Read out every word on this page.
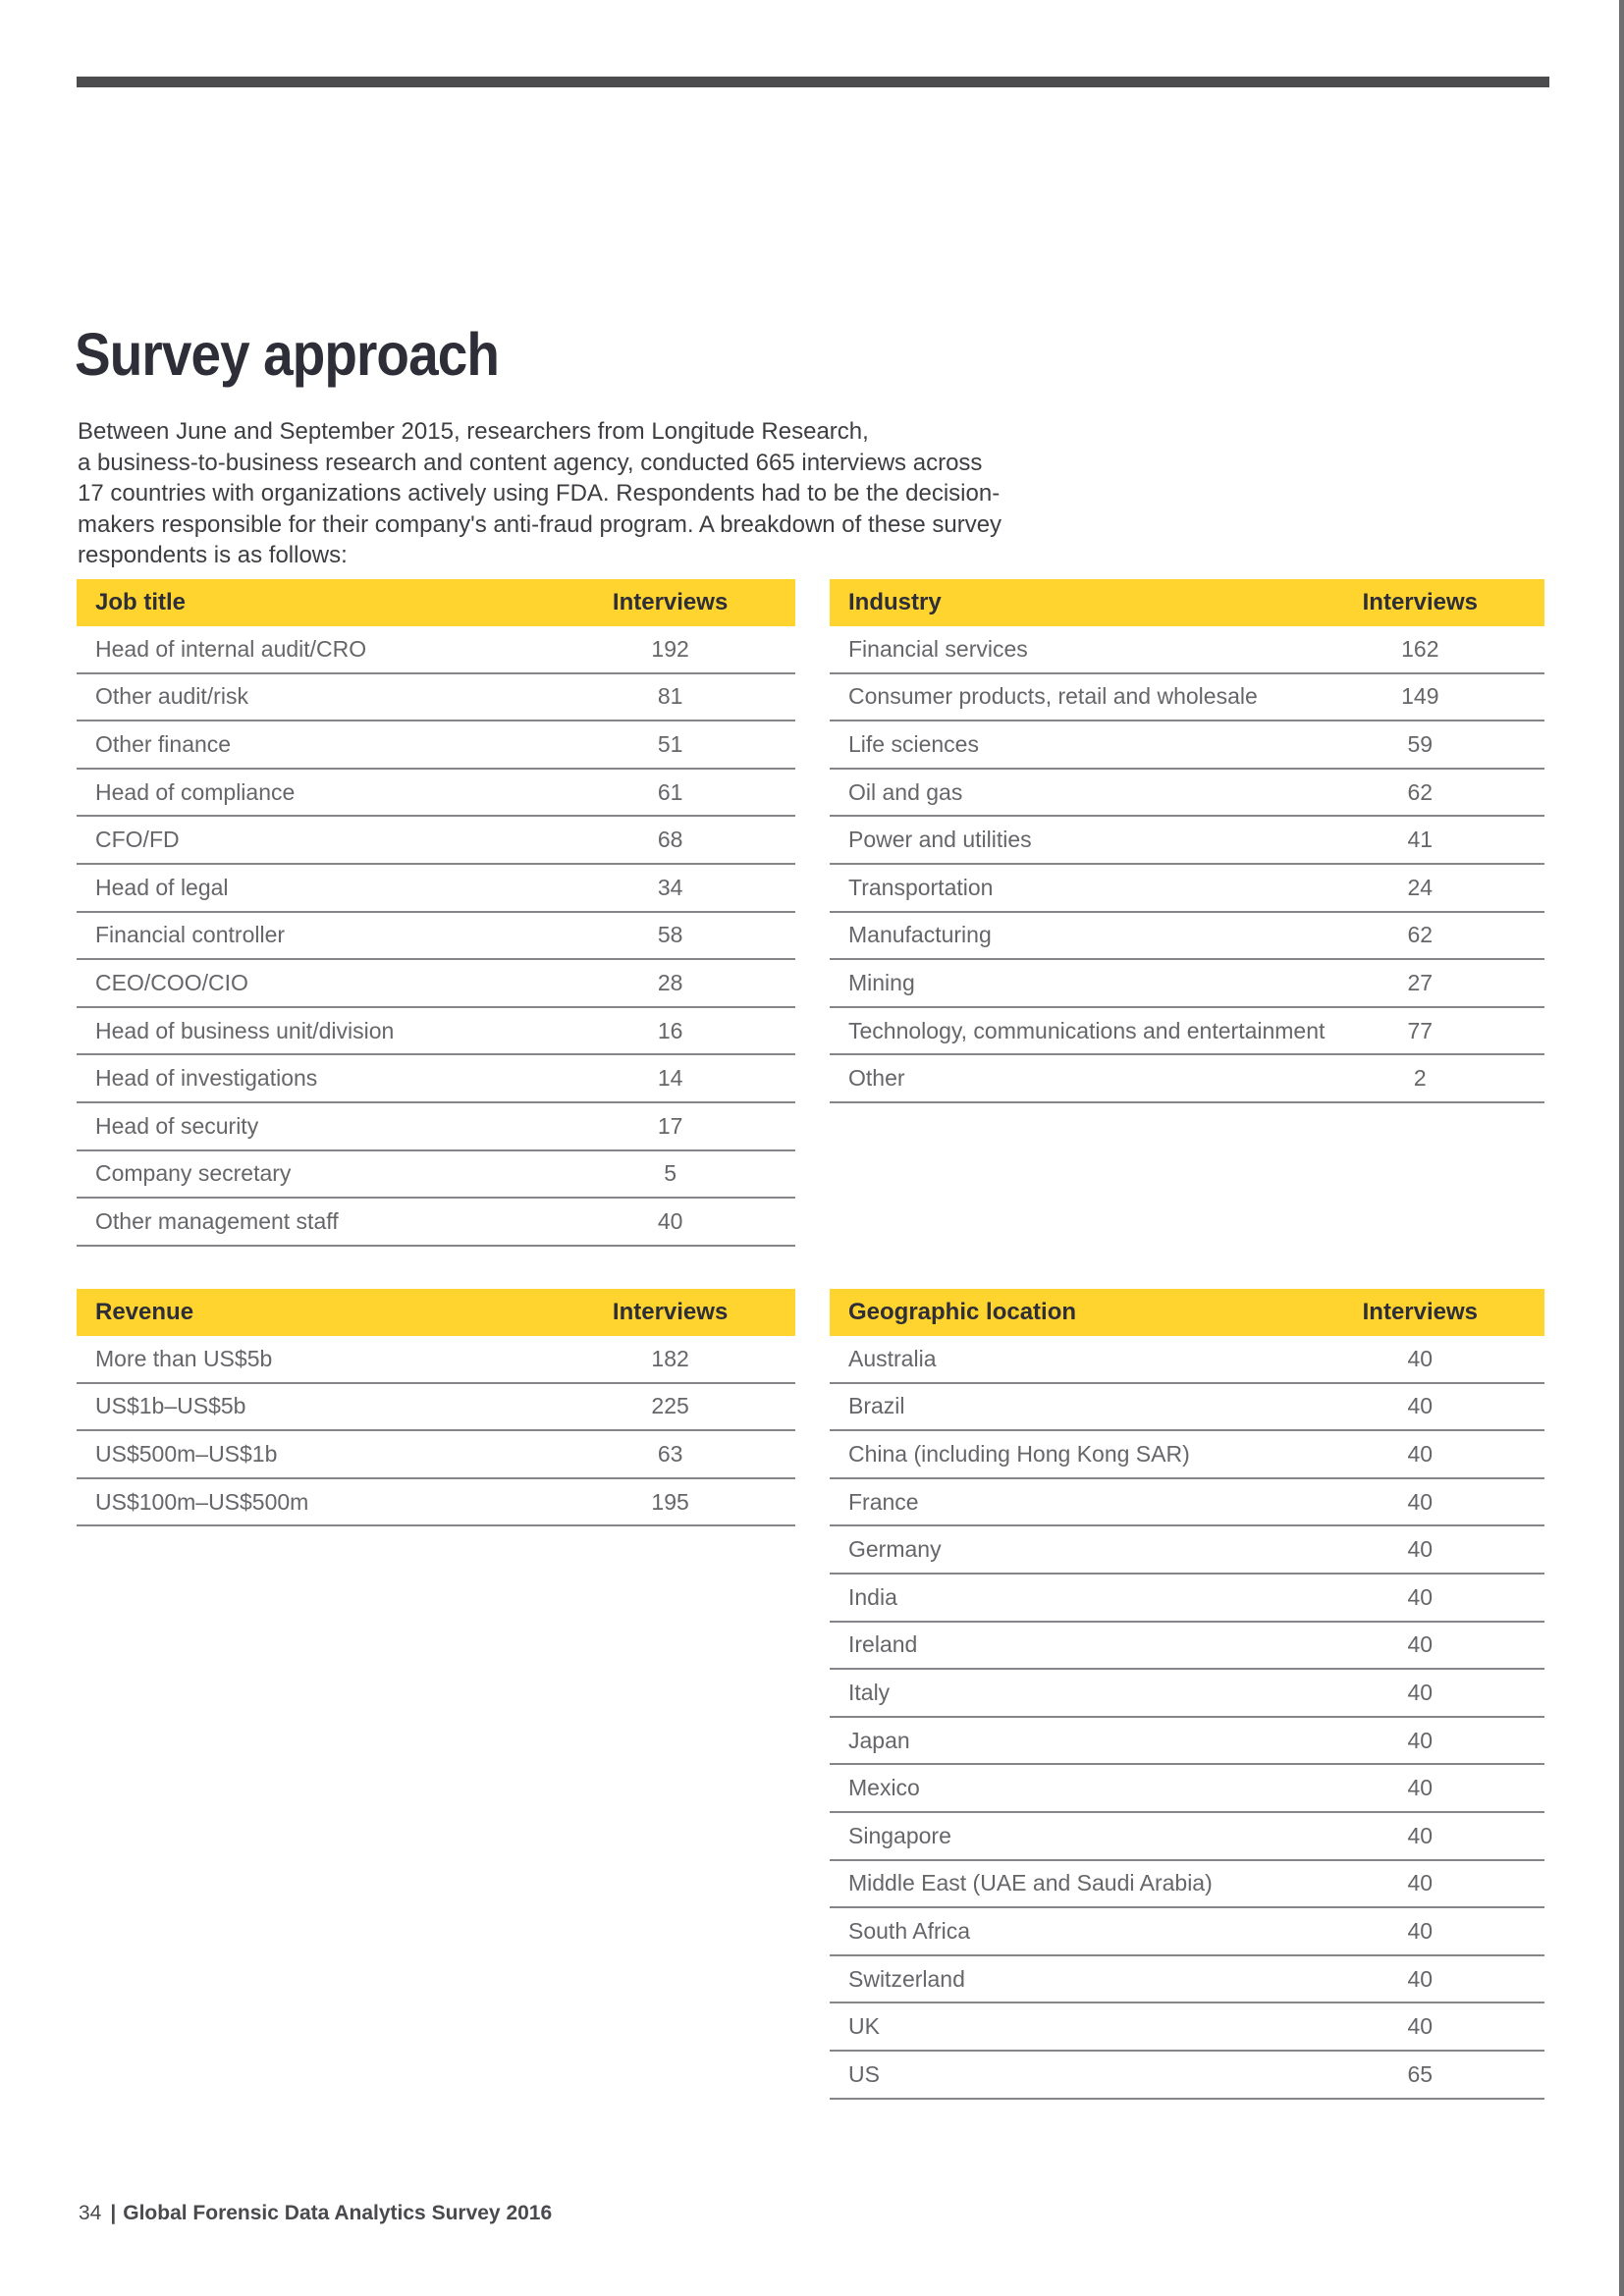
Survey approach
Between June and September 2015, researchers from Longitude Research,
a business-to-business research and content agency, conducted 665 interviews across
17 countries with organizations actively using FDA. Respondents had to be the decision-
makers responsible for their company's anti-fraud program. A breakdown of these survey
respondents is as follows:
Job title	Interviews
Head of internal audit/CRO	192
Other audit/risk	81
Other finance	51
Head of compliance	61
CFO/FD	68
Head of legal	34
Financial controller	58
CEO/COO/CIO	28
Head of business unit/division	16
Head of investigations	14
Head of security	17
Company secretary	5
Other management staff	40
Industry	Interviews
Financial services	162
Consumer products, retail and wholesale	149
Life sciences	59
Oil and gas	62
Power and utilities	41
Transportation	24
Manufacturing	62
Mining	27
Technology, communications and entertainment	77
Other	2
Revenue	Interviews
More than US$5b	182
US$1b–US$5b	225
US$500m–US$1b	63
US$100m–US$500m	195
Geographic location	Interviews
Australia	40
Brazil	40
China (including Hong Kong SAR)	40
France	40
Germany	40
India	40
Ireland	40
Italy	40
Japan	40
Mexico	40
Singapore	40
Middle East (UAE and Saudi Arabia)	40
South Africa	40
Switzerland	40
UK	40
US	65
34 | Global Forensic Data Analytics Survey 2016
